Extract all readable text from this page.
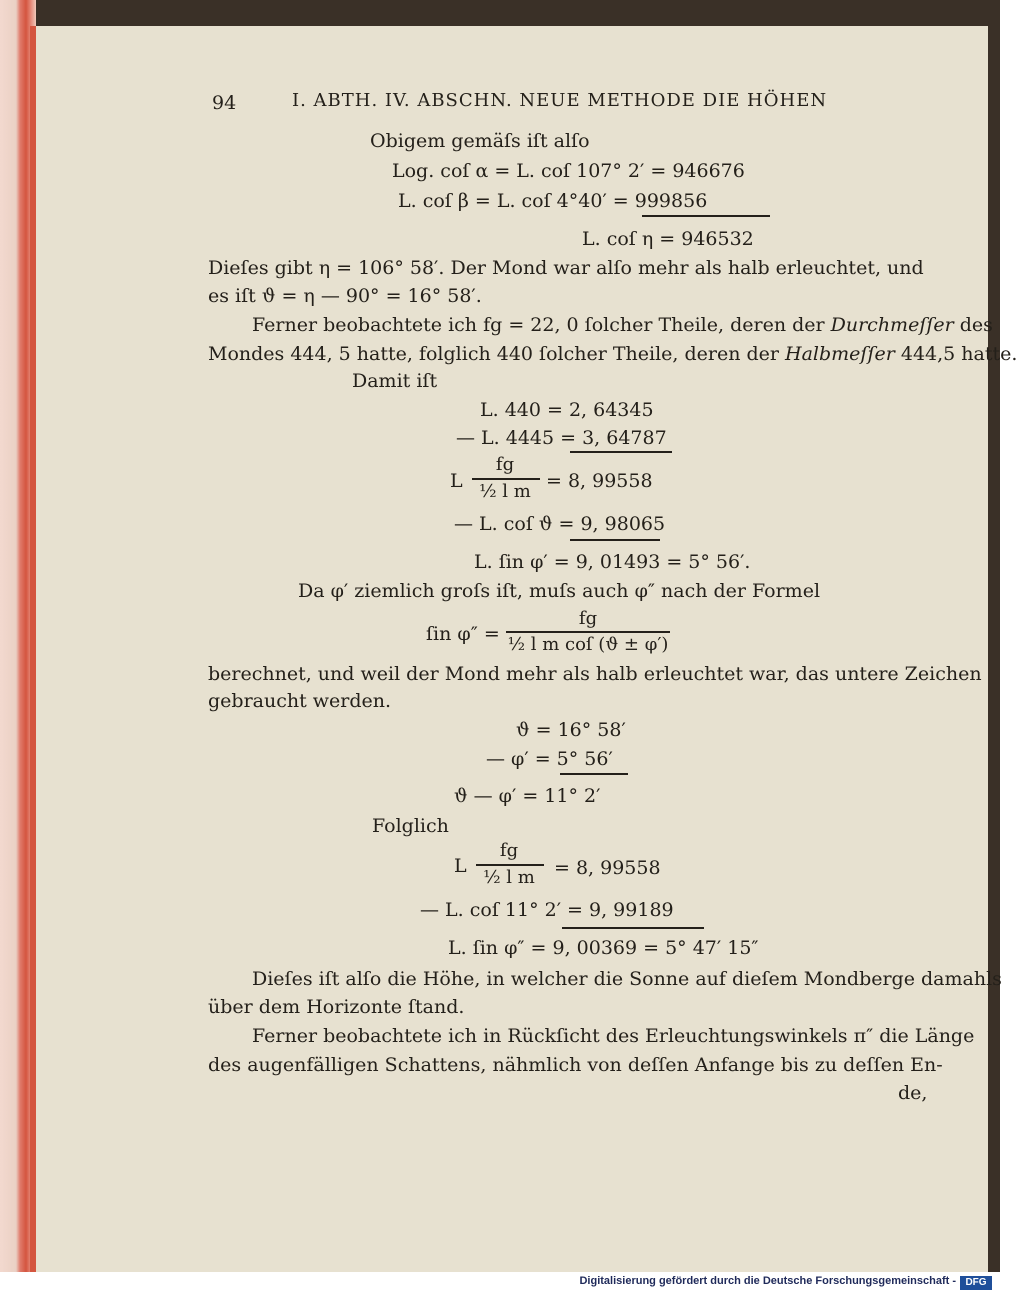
94	I. ABTH. IV. ABSCHN. NEUE METHODE DIE HÖHEN
Obigem gemäſs iſt alſo
Log. coſ α = L. coſ 107° 2′ = 946676
L. coſ β = L. coſ 4°40′ = 999856
L. coſ η = 946532
Dieſes gibt η = 106° 58′. Der Mond war alſo mehr als halb erleuchtet, und
es iſt ϑ = η — 90° = 16° 58′.
Ferner beobachtete ich fg = 22, 0 ſolcher Theile, deren der Durchmeſſer des
Mondes 444, 5 hatte, folglich 440 ſolcher Theile, deren der Halbmeſſer 444,5 hatte.
Damit iſt
L. 440 = 2, 64345
— L. 4445 = 3, 64787
L
fg
½ l m = 8, 99558
— L. coſ ϑ = 9, 98065
L. ſin φ′ = 9, 01493 = 5° 56′.
Da φ′ ziemlich groſs iſt, muſs auch φ″ nach der Formel
ſin φ″ =
fg
½ l m coſ (ϑ ± φ′)
berechnet, und weil der Mond mehr als halb erleuchtet war, das untere Zeichen
gebraucht werden.
ϑ = 16° 58′
— φ′ = 5° 56′
ϑ — φ′ = 11° 2′
Folglich
L
fg
½ l m	= 8, 99558
— L. coſ 11° 2′ = 9, 99189
L. ſin φ″ = 9, 00369 = 5° 47′ 15″
Dieſes iſt alſo die Höhe, in welcher die Sonne auf dieſem Mondberge damahls
über dem Horizonte ſtand.
Ferner beobachtete ich in Rückſicht des Erleuchtungswinkels π″ die Länge
des augenfälligen Schattens, nähmlich von deſſen Anfange bis zu deſſen En-
de,
Digitalisierung gefördert durch die Deutsche Forschungsgemeinschaft - DFG
